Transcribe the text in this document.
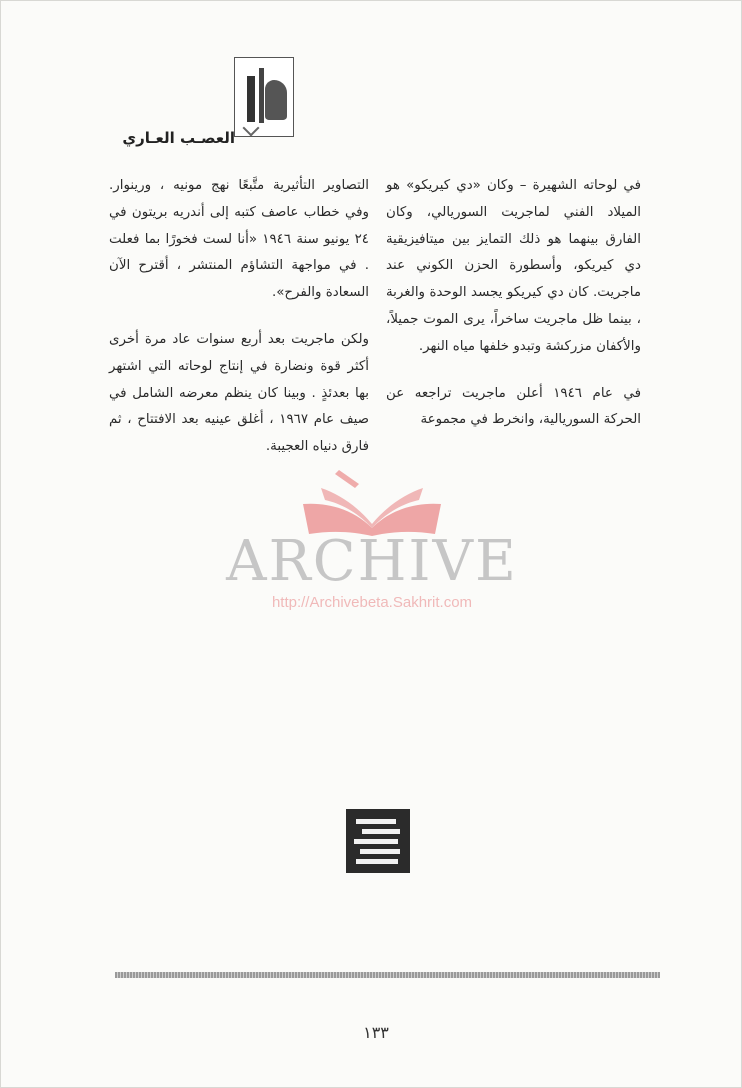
العصـب العـاري

في لوحاته الشهيرة – وكان «دي كيريكو» هو الميلاد الفني لماجريت السوريالي، وكان الفارق بينهما هو ذلك التمايز بين ميتافيزيقية دي كيريكو، وأسطورة الحزن الكوني عند ماجريت. كان دي كيريكو يجسد الوحدة والغربة ، بينما ظل ماجريت ساخراً، يرى الموت جميلاً، والأكفان مزركشة وتبدو خلفها مياه النهر.

في عام ١٩٤٦ أعلن ماجريت تراجعه عن الحركة السوريالية، وانخرط في مجموعة

التصاوير التأثيرية متَّبعًا نهج مونيه ، ورينوار. وفي خطاب عاصف كتبه إلى أندريه بريتون في ٢٤ يونيو سنة ١٩٤٦ «أنا لست فخورًا بما فعلت . في مواجهة التشاؤم المنتشر ، أقترح الآن السعادة والفرح».

ولكن ماجريت بعد أربع سنوات عاد مرة أخرى أكثر قوة ونضارة في إنتاج لوحاته التي اشتهر بها بعدئذٍ . وبينا كان ينظم معرضه الشامل في صيف عام ١٩٦٧ ، أغلق عينيه بعد الافتتاح ، ثم فارق دنياه العجيبة.

ARCHIVE
http://Archivebeta.Sakhrit.com
١٣٣
